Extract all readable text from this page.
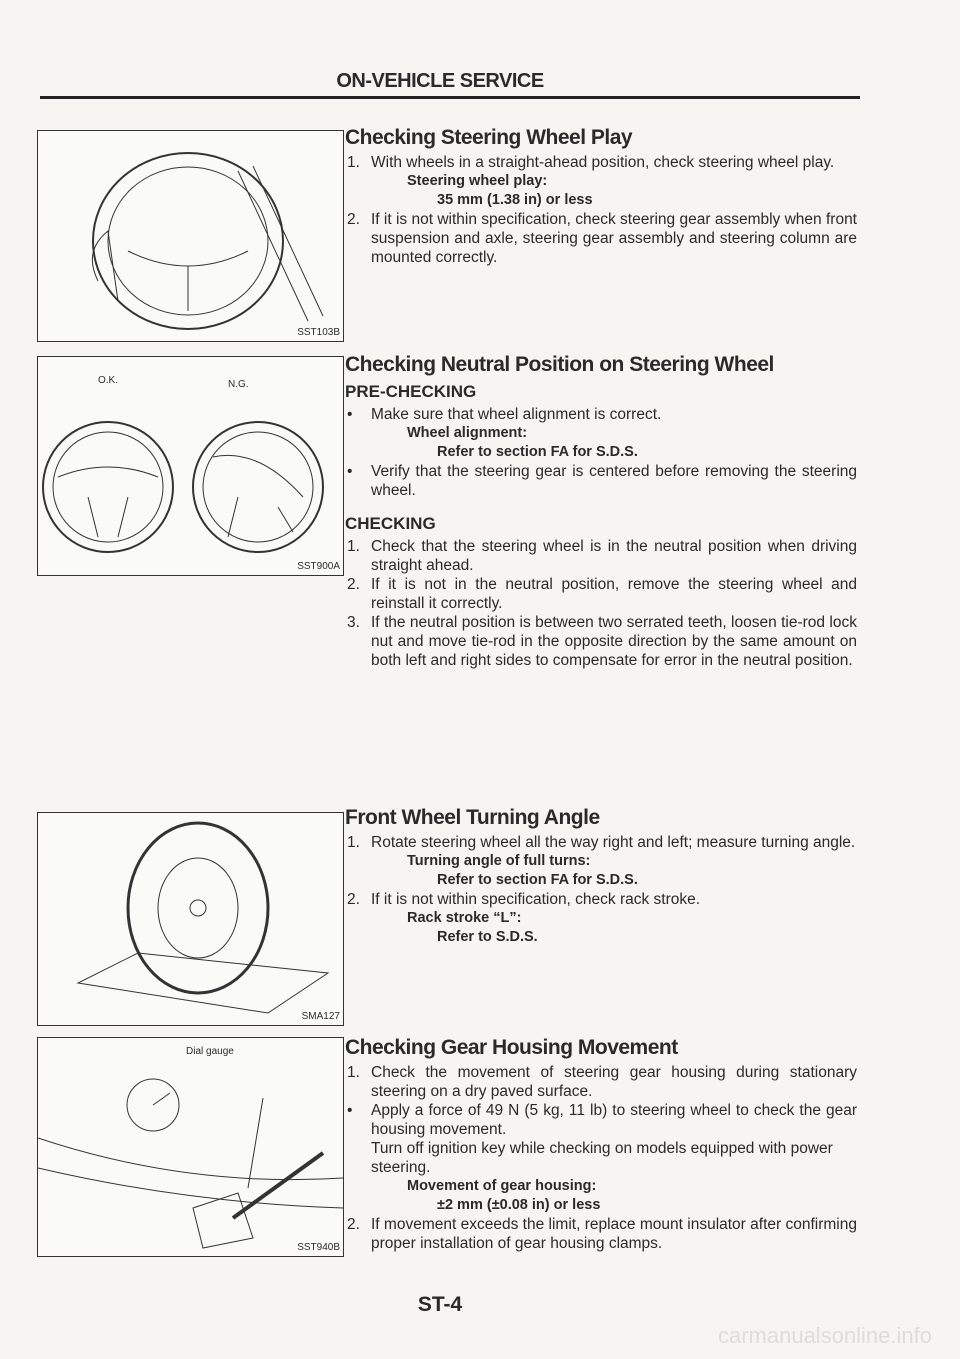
ON-VEHICLE SERVICE
SST103B
O.K.	N.G.
SST900A
SMA127
Dial gauge
SST940B
Checking Steering Wheel Play
1. With wheels in a straight-ahead position, check steering wheel play.
Steering wheel play:
35 mm (1.38 in) or less
2. If it is not within specification, check steering gear assembly when front suspension and axle, steering gear assembly and steering column are mounted correctly.
Checking Neutral Position on Steering Wheel
PRE-CHECKING
•	Make sure that wheel alignment is correct.
Wheel alignment:
Refer to section FA for S.D.S.
•	Verify that the steering gear is centered before removing the steering wheel.
CHECKING
1. Check that the steering wheel is in the neutral position when driving straight ahead.
2. If it is not in the neutral position, remove the steering wheel and reinstall it correctly.
3. If the neutral position is between two serrated teeth, loosen tie-rod lock nut and move tie-rod in the opposite direction by the same amount on both left and right sides to compensate for error in the neutral position.
Front Wheel Turning Angle
1. Rotate steering wheel all the way right and left; measure turning angle.
Turning angle of full turns:
Refer to section FA for S.D.S.
2. If it is not within specification, check rack stroke.
Rack stroke “L”:
Refer to S.D.S.
Checking Gear Housing Movement
1. Check the movement of steering gear housing during stationary steering on a dry paved surface.
•	Apply a force of 49 N (5 kg, 11 lb) to steering wheel to check the gear housing movement.
Turn off ignition key while checking on models equipped with power steering.
Movement of gear housing:
±2 mm (±0.08 in) or less
2. If movement exceeds the limit, replace mount insulator after confirming proper installation of gear housing clamps.
ST-4
carmanualsonline.info
